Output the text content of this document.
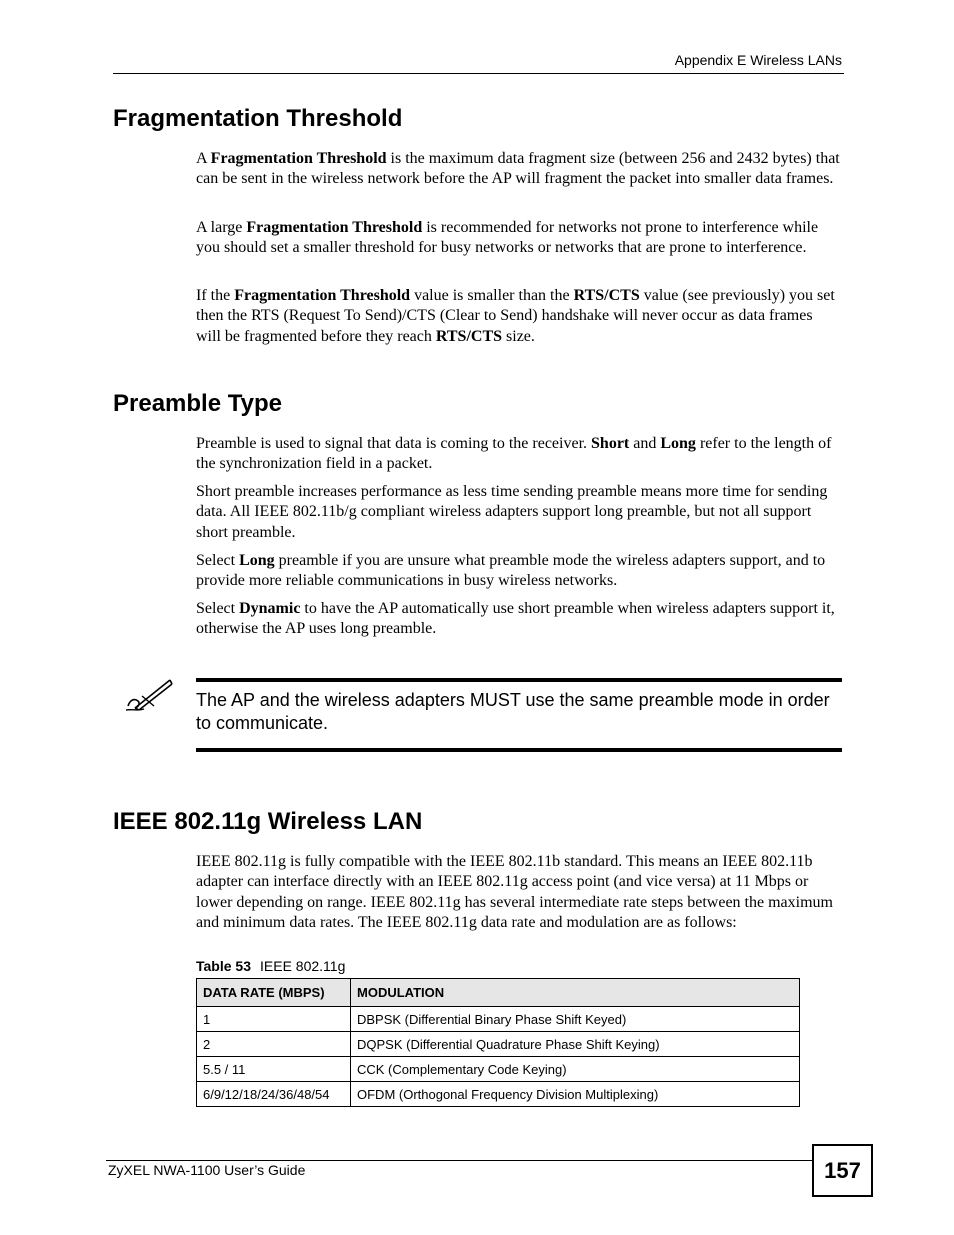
Appendix E Wireless LANs
Fragmentation Threshold

A Fragmentation Threshold is the maximum data fragment size (between 256 and 2432 bytes) that can be sent in the wireless network before the AP will fragment the packet into smaller data frames.

A large Fragmentation Threshold is recommended for networks not prone to interference while you should set a smaller threshold for busy networks or networks that are prone to interference.

If the Fragmentation Threshold value is smaller than the RTS/CTS value (see previously) you set then the RTS (Request To Send)/CTS (Clear to Send) handshake will never occur as data frames will be fragmented before they reach RTS/CTS size.

Preamble Type

Preamble is used to signal that data is coming to the receiver. Short and Long refer to the length of the synchronization field in a packet.

Short preamble increases performance as less time sending preamble means more time for sending data. All IEEE 802.11b/g compliant wireless adapters support long preamble, but not all support short preamble.

Select Long preamble if you are unsure what preamble mode the wireless adapters support, and to provide more reliable communications in busy wireless networks.

Select Dynamic to have the AP automatically use short preamble when wireless adapters support it, otherwise the AP uses long preamble.

The AP and the wireless adapters MUST use the same preamble mode in order to communicate.

IEEE 802.11g Wireless LAN

IEEE 802.11g is fully compatible with the IEEE 802.11b standard. This means an IEEE 802.11b adapter can interface directly with an IEEE 802.11g access point (and vice versa) at 11 Mbps or lower depending on range. IEEE 802.11g has several intermediate rate steps between the maximum and minimum data rates. The IEEE 802.11g data rate and modulation are as follows:

Table 53 IEEE 802.11g
DATA RATE (MBPS)	MODULATION
1	DBPSK (Differential Binary Phase Shift Keyed)
2	DQPSK (Differential Quadrature Phase Shift Keying)
5.5 / 11	CCK (Complementary Code Keying)
6/9/12/18/24/36/48/54	OFDM (Orthogonal Frequency Division Multiplexing)
ZyXEL NWA-1100 User’s Guide	157
